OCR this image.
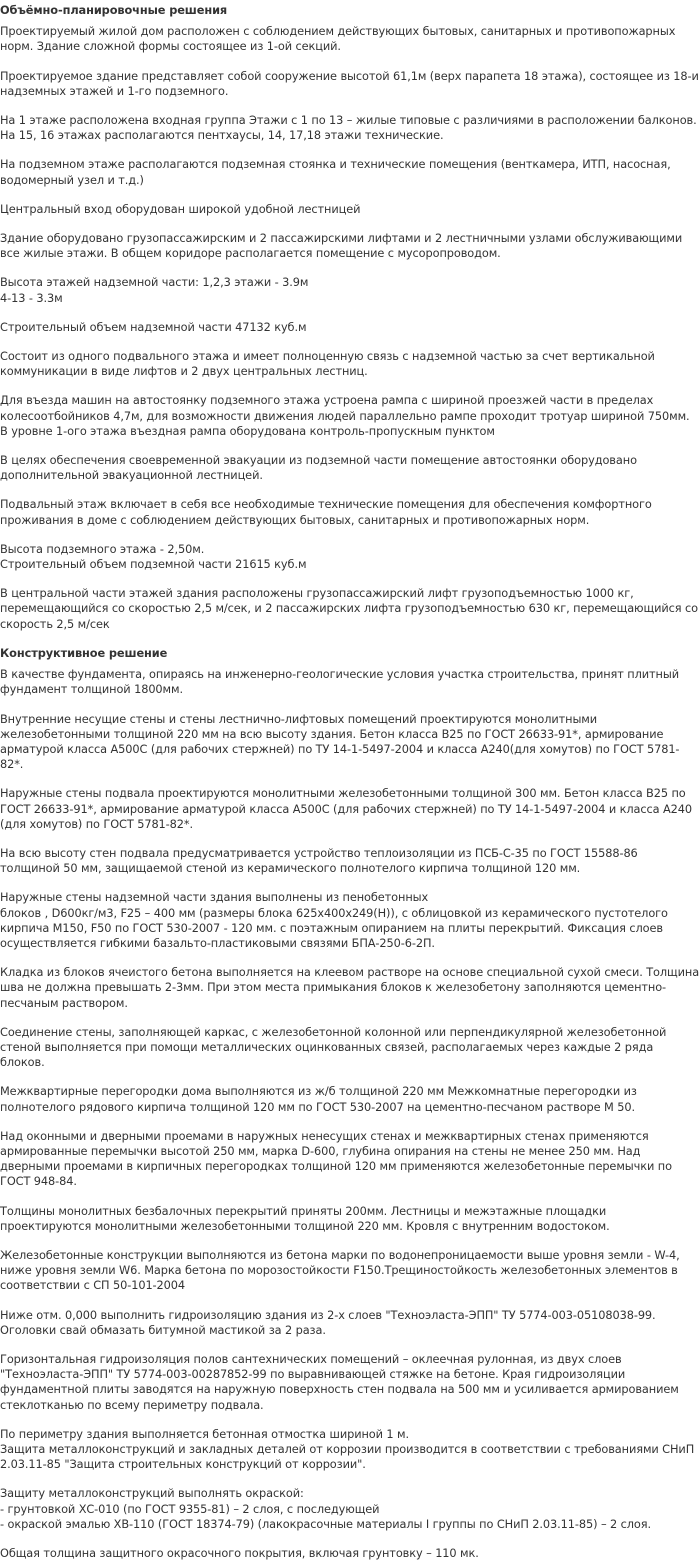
Объёмно-планировочные решения
Проектируемый жилой дом расположен с соблюдением действующих бытовых, санитарных и противопожарных норм. Здание сложной формы состоящее из 1-ой секций.
Проектируемое здание представляет собой сооружение высотой 61,1м (верх парапета 18 этажа), состоящее из 18-и надземных этажей и 1-го подземного.
На 1 этаже расположена входная группа Этажи с 1 по 13 – жилые типовые с различиями в расположении балконов. На 15, 16 этажах располагаются пентхаусы, 14, 17,18 этажи технические.
На подземном этаже располагаются подземная стоянка и технические помещения (венткамера, ИТП, насосная, водомерный узел и т.д.)
Центральный вход оборудован широкой удобной лестницей
Здание оборудовано грузопассажирским и 2 пассажирскими лифтами и 2 лестничными узлами обслуживающими все жилые этажи. В общем коридоре располагается помещение с мусоропроводом.
Высота этажей надземной части: 1,2,3 этажи - 3.9м
4-13 - 3.3м
Строительный объем надземной части 47132 куб.м
Состоит из одного подвального этажа и имеет полноценную связь с надземной частью за счет вертикальной коммуникации в виде лифтов и 2 двух центральных лестниц.
Для въезда машин на автостоянку подземного этажа устроена рампа с шириной проезжей части в пределах колесоотбойников 4,7м, для возможности движения людей параллельно рампе проходит тротуар шириной 750мм. В уровне 1-ого этажа въездная рампа оборудована контроль-пропускным пунктом
В целях обеспечения своевременной эвакуации из подземной части помещение автостоянки оборудовано дополнительной эвакуационной лестницей.
Подвальный этаж включает в себя все необходимые технические помещения для обеспечения комфортного проживания в доме с соблюдением действующих бытовых, санитарных и противопожарных норм.
Высота подземного этажа - 2,50м.
Строительный объем подземной части 21615 куб.м
В центральной части этажей здания расположены грузопассажирский лифт грузоподъемностью 1000 кг, перемещающийся со скоростью 2,5 м/сек, и 2 пассажирских лифта грузоподъемностью 630 кг, перемещающийся со скорость 2,5 м/сек
Конструктивное решение
В качестве фундамента, опираясь на инженерно-геологические условия участка строительства, принят плитный фундамент толщиной 1800мм.
Внутренние несущие стены и стены лестнично-лифтовых помещений проектируются монолитными железобетонными толщиной 220 мм на всю высоту здания. Бетон класса В25 по ГОСТ 26633-91*, армирование арматурой класса А500С (для рабочих стержней) по ТУ 14-1-5497-2004 и класса А240(для хомутов) по ГОСТ 5781-82*.
Наружные стены подвала проектируются монолитными железобетонными толщиной 300 мм. Бетон класса В25 по ГОСТ 26633-91*, армирование арматурой класса А500С (для рабочих стержней) по ТУ 14-1-5497-2004 и класса А240 (для хомутов) по ГОСТ 5781-82*.
На всю высоту стен подвала предусматривается устройство теплоизоляции из ПСБ-С-35 по ГОСТ 15588-86 толщиной 50 мм, защищаемой стеной из керамического полнотелого кирпича толщиной 120 мм.
Наружные стены надземной части здания выполнены из пенобетонных
блоков , D600кг/м3, F25 – 400 мм (размеры блока 625x400x249(H)), с облицовкой из керамического пустотелого кирпича М150, F50 по ГОСТ 530-2007 - 120 мм. с поэтажным опиранием на плиты перекрытий. Фиксация слоев осуществляется гибкими базальто-пластиковыми связями БПА-250-6-2П.
Кладка из блоков ячеистого бетона выполняется на клеевом растворе на основе специальной сухой смеси. Толщина шва не должна превышать 2-3мм. При этом места примыкания блоков к железобетону заполняются цементно-песчаным раствором.
Соединение стены, заполняющей каркас, с железобетонной колонной или перпендикулярной железобетонной стеной выполняется при помощи металлических оцинкованных связей, располагаемых через каждые 2 ряда блоков.
Межквартирные перегородки дома выполняются из ж/б толщиной 220 мм Межкомнатные перегородки из полнотелого рядового кирпича толщиной 120 мм по ГОСТ 530-2007 на цементно-песчаном растворе М 50.
Над оконными и дверными проемами в наружных ненесущих стенах и межквартирных стенах применяются армированные перемычки высотой 250 мм, марка D-600, глубина опирания на стены не менее 250 мм. Над дверными проемами в кирпичных перегородках толщиной 120 мм применяются железобетонные перемычки по ГОСТ 948-84.
Толщины монолитных безбалочных перекрытий приняты 200мм. Лестницы и межэтажные площадки проектируются монолитными железобетонными толщиной 220 мм. Кровля с внутренним водостоком.
Железобетонные конструкции выполняются из бетона марки по водонепроницаемости выше уровня земли - W-4, ниже уровня земли W6. Марка бетона по морозостойкости F150.Трещиностойкость железобетонных элементов в соответствии с СП 50-101-2004
Ниже отм. 0,000 выполнить гидроизоляцию здания из 2-х слоев "Техноэласта-ЭПП" ТУ 5774-003-05108038-99. Оголовки свай обмазать битумной мастикой за 2 раза.
Горизонтальная гидроизоляция полов сантехнических помещений – оклеечная рулонная, из двух слоев "Техноэласта-ЭПП" ТУ 5774-003-00287852-99 по выравнивающей стяжке на бетоне. Края гидроизоляции фундаментной плиты заводятся на наружную поверхность стен подвала на 500 мм и усиливается армированием стеклотканью по всему периметру подвала.
По периметру здания выполняется бетонная отмостка шириной 1 м.
Защита металлоконструкций и закладных деталей от коррозии производится в соответствии с требованиями СНиП 2.03.11-85 "Защита строительных конструкций от коррозии".
Защиту металлоконструкций выполнять окраской:
- грунтовкой ХС-010 (по ГОСТ 9355-81) – 2 слоя, с последующей
- окраской эмалью ХВ-110 (ГОСТ 18374-79) (лакокрасочные материалы I группы по СНиП 2.03.11-85) – 2 слоя.
Общая толщина защитного окрасочного покрытия, включая грунтовку – 110 мк.
